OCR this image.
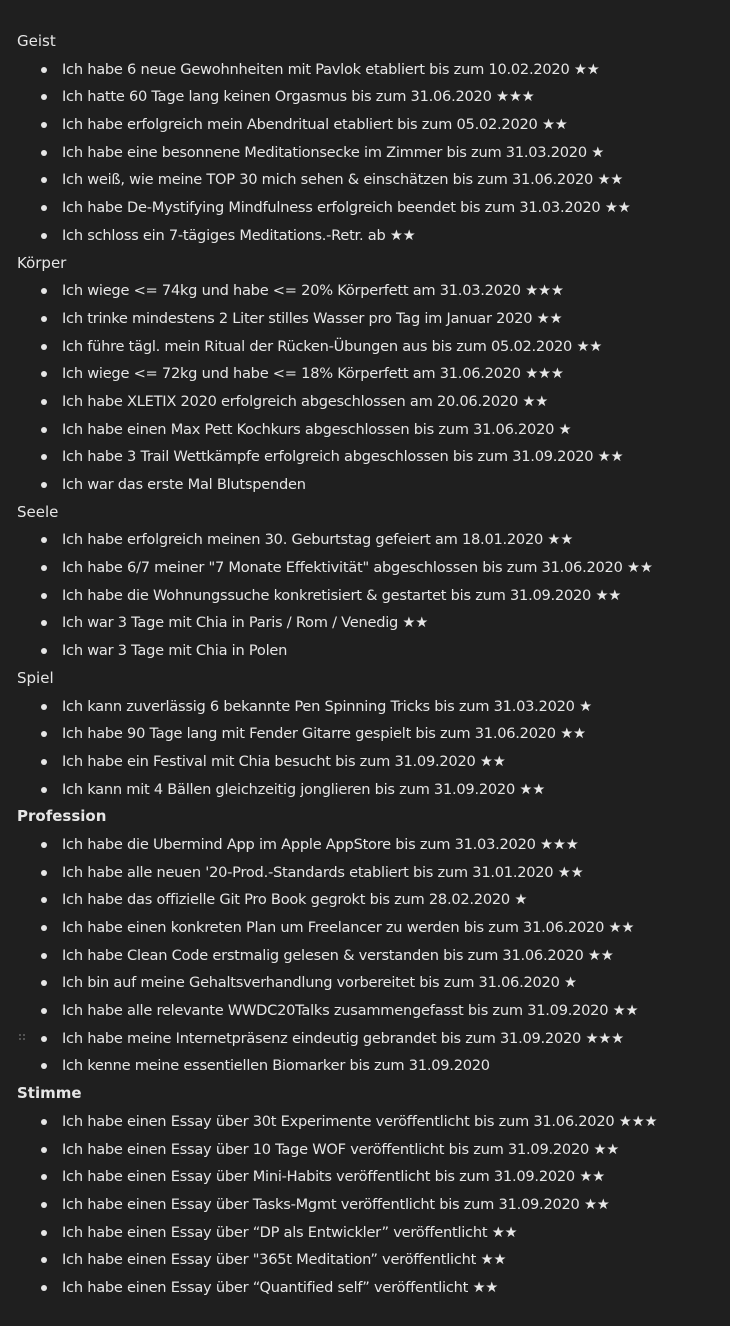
Geist
Ich habe 6 neue Gewohnheiten mit Pavlok etabliert bis zum 10.02.2020 ★★
Ich hatte 60 Tage lang keinen Orgasmus bis zum 31.06.2020 ★★★
Ich habe erfolgreich mein Abendritual etabliert bis zum 05.02.2020 ★★
Ich habe eine besonnene Meditationsecke im Zimmer bis zum 31.03.2020 ★
Ich weiß, wie meine TOP 30 mich sehen & einschätzen bis zum 31.06.2020 ★★
Ich habe De-Mystifying Mindfulness erfolgreich beendet bis zum 31.03.2020 ★★
Ich schloss ein 7-tägiges Meditations.-Retr. ab ★★
Körper
Ich wiege <= 74kg und habe <= 20% Körperfett am 31.03.2020 ★★★
Ich trinke mindestens 2 Liter stilles Wasser pro Tag im Januar 2020 ★★
Ich führe tägl. mein Ritual der Rücken-Übungen aus bis zum 05.02.2020 ★★
Ich wiege <= 72kg und habe <= 18% Körperfett am 31.06.2020 ★★★
Ich habe XLETIX 2020 erfolgreich abgeschlossen am 20.06.2020 ★★
Ich habe einen Max Pett Kochkurs abgeschlossen bis zum 31.06.2020 ★
Ich habe 3 Trail Wettkämpfe erfolgreich abgeschlossen bis zum 31.09.2020 ★★
Ich war das erste Mal Blutspenden
Seele
Ich habe erfolgreich meinen 30. Geburtstag gefeiert am 18.01.2020 ★★
Ich habe 6/7 meiner "7 Monate Effektivität" abgeschlossen bis zum 31.06.2020 ★★
Ich habe die Wohnungssuche konkretisiert & gestartet bis zum 31.09.2020 ★★
Ich war 3 Tage mit Chia in Paris / Rom / Venedig ★★
Ich war 3 Tage mit Chia in Polen
Spiel
Ich kann zuverlässig 6 bekannte Pen Spinning Tricks bis zum 31.03.2020 ★
Ich habe 90 Tage lang mit Fender Gitarre gespielt bis zum 31.06.2020 ★★
Ich habe ein Festival mit Chia besucht bis zum 31.09.2020 ★★
Ich kann mit 4 Bällen gleichzeitig jonglieren bis zum 31.09.2020 ★★
Profession
Ich habe die Ubermind App im Apple AppStore bis zum 31.03.2020 ★★★
Ich habe alle neuen '20-Prod.-Standards etabliert bis zum 31.01.2020 ★★
Ich habe das offizielle Git Pro Book gegrokt bis zum 28.02.2020 ★
Ich habe einen konkreten Plan um Freelancer zu werden bis zum 31.06.2020 ★★
Ich habe Clean Code erstmalig gelesen & verstanden bis zum 31.06.2020 ★★
Ich bin auf meine Gehaltsverhandlung vorbereitet bis zum 31.06.2020 ★
Ich habe alle relevante WWDC20Talks zusammengefasst bis zum 31.09.2020 ★★
Ich habe meine Internetpräsenz eindeutig gebrandet bis zum 31.09.2020 ★★★
Ich kenne meine essentiellen Biomarker bis zum 31.09.2020
Stimme
Ich habe einen Essay über 30t Experimente veröffentlicht bis zum 31.06.2020 ★★★
Ich habe einen Essay über 10 Tage WOF veröffentlicht bis zum 31.09.2020 ★★
Ich habe einen Essay über Mini-Habits veröffentlicht bis zum 31.09.2020 ★★
Ich habe einen Essay über Tasks-Mgmt veröffentlicht bis zum 31.09.2020 ★★
Ich habe einen Essay über “DP als Entwickler” veröffentlicht ★★
Ich habe einen Essay über "365t Meditation” veröffentlicht ★★
Ich habe einen Essay über “Quantified self” veröffentlicht ★★
